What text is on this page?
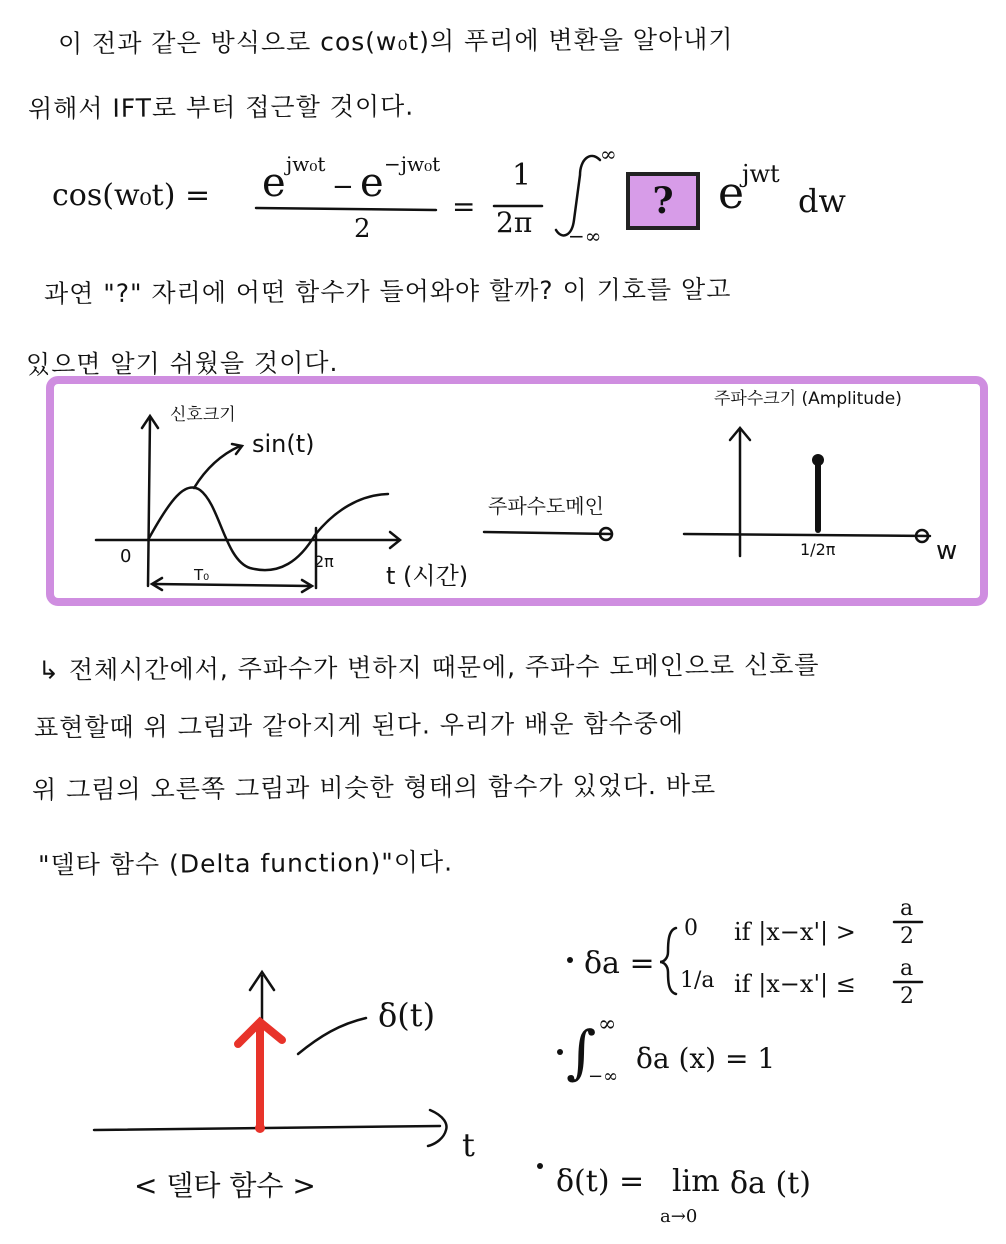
이 전과 같은 방식으로 cos(w₀t)의 푸리에 변환을 알아내기
위해서 IFT로 부터 접근할 것이다.
cos(w₀t) = e jw₀t
− e −jw₀t
2
=
1
2π
∞
−∞
?	e
jwt
dw
과연 "?" 자리에 어떤 함수가 들어와야 할까? 이 기호를 알고
있으면 알기 쉬웠을 것이다.
신호크기
sin(t)
0	2π
T₀	t (시간)
주파수도메인
주파수크기 (Amplitude)
1/2π	w
↳ 전체시간에서, 주파수가 변하지 때문에, 주파수 도메인으로 신호를
표현할때 위 그림과 같아지게 된다. 우리가 배운 함수중에
위 그림의 오른쪽 그림과 비슷한 형태의 함수가 있었다. 바로
"델타 함수 (Delta function)"이다.
δ(t)
t
< 델타 함수 >
δa =
0 if |x−x'| >
a
2
1/a if |x−x'| ≤
a
2
∫ ∞
−∞
δa (x) = 1
δ(t) = lim
a→0
δa (t)
